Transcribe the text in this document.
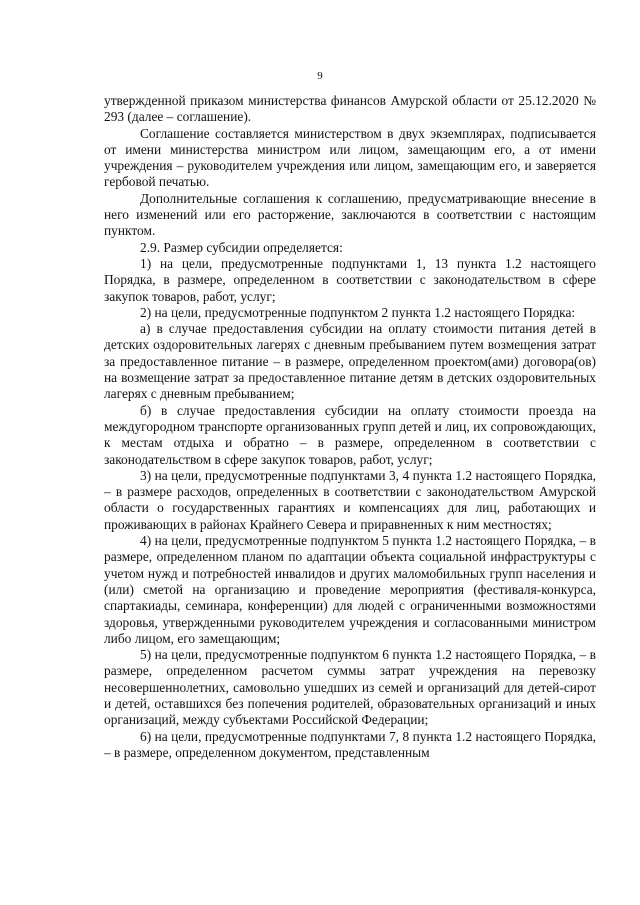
9

утвержденной приказом министерства финансов Амурской области от 25.12.2020 № 293 (далее – соглашение).

Соглашение составляется министерством в двух экземплярах, подписывается от имени министерства министром или лицом, замещающим его, а от имени учреждения – руководителем учреждения или лицом, замещающим его, и заверяется гербовой печатью.

Дополнительные соглашения к соглашению, предусматривающие внесение в него изменений или его расторжение, заключаются в соответствии с настоящим пунктом.

2.9. Размер субсидии определяется:

1) на цели, предусмотренные подпунктами 1, 13 пункта 1.2 настоящего Порядка, в размере, определенном в соответствии с законодательством в сфере закупок товаров, работ, услуг;

2) на цели, предусмотренные подпунктом 2 пункта 1.2 настоящего Порядка:

а) в случае предоставления субсидии на оплату стоимости питания детей в детских оздоровительных лагерях с дневным пребыванием путем возмещения затрат за предоставленное питание – в размере, определенном проектом(ами) договора(ов) на возмещение затрат за предоставленное питание детям в детских оздоровительных лагерях с дневным пребыванием;

б) в случае предоставления субсидии на оплату стоимости проезда на междугородном транспорте организованных групп детей и лиц, их сопровождающих, к местам отдыха и обратно – в размере, определенном в соответствии с законодательством в сфере закупок товаров, работ, услуг;

3) на цели, предусмотренные подпунктами 3, 4 пункта 1.2 настоящего Порядка, – в размере расходов, определенных в соответствии с законодательством Амурской области о государственных гарантиях и компенсациях для лиц, работающих и проживающих в районах Крайнего Севера и приравненных к ним местностях;

4) на цели, предусмотренные подпунктом 5 пункта 1.2 настоящего Порядка, – в размере, определенном планом по адаптации объекта социальной инфраструктуры с учетом нужд и потребностей инвалидов и других маломобильных групп населения и (или) сметой на организацию и проведение мероприятия (фестиваля-конкурса, спартакиады, семинара, конференции) для людей с ограниченными возможностями здоровья, утвержденными руководителем учреждения и согласованными министром либо лицом, его замещающим;

5) на цели, предусмотренные подпунктом 6 пункта 1.2 настоящего Порядка, – в размере, определенном расчетом суммы затрат учреждения на перевозку несовершеннолетних, самовольно ушедших из семей и организаций для детей-сирот и детей, оставшихся без попечения родителей, образовательных организаций и иных организаций, между субъектами Российской Федерации;

6) на цели, предусмотренные подпунктами 7, 8 пункта 1.2 настоящего Порядка, – в размере, определенном документом, представленным
